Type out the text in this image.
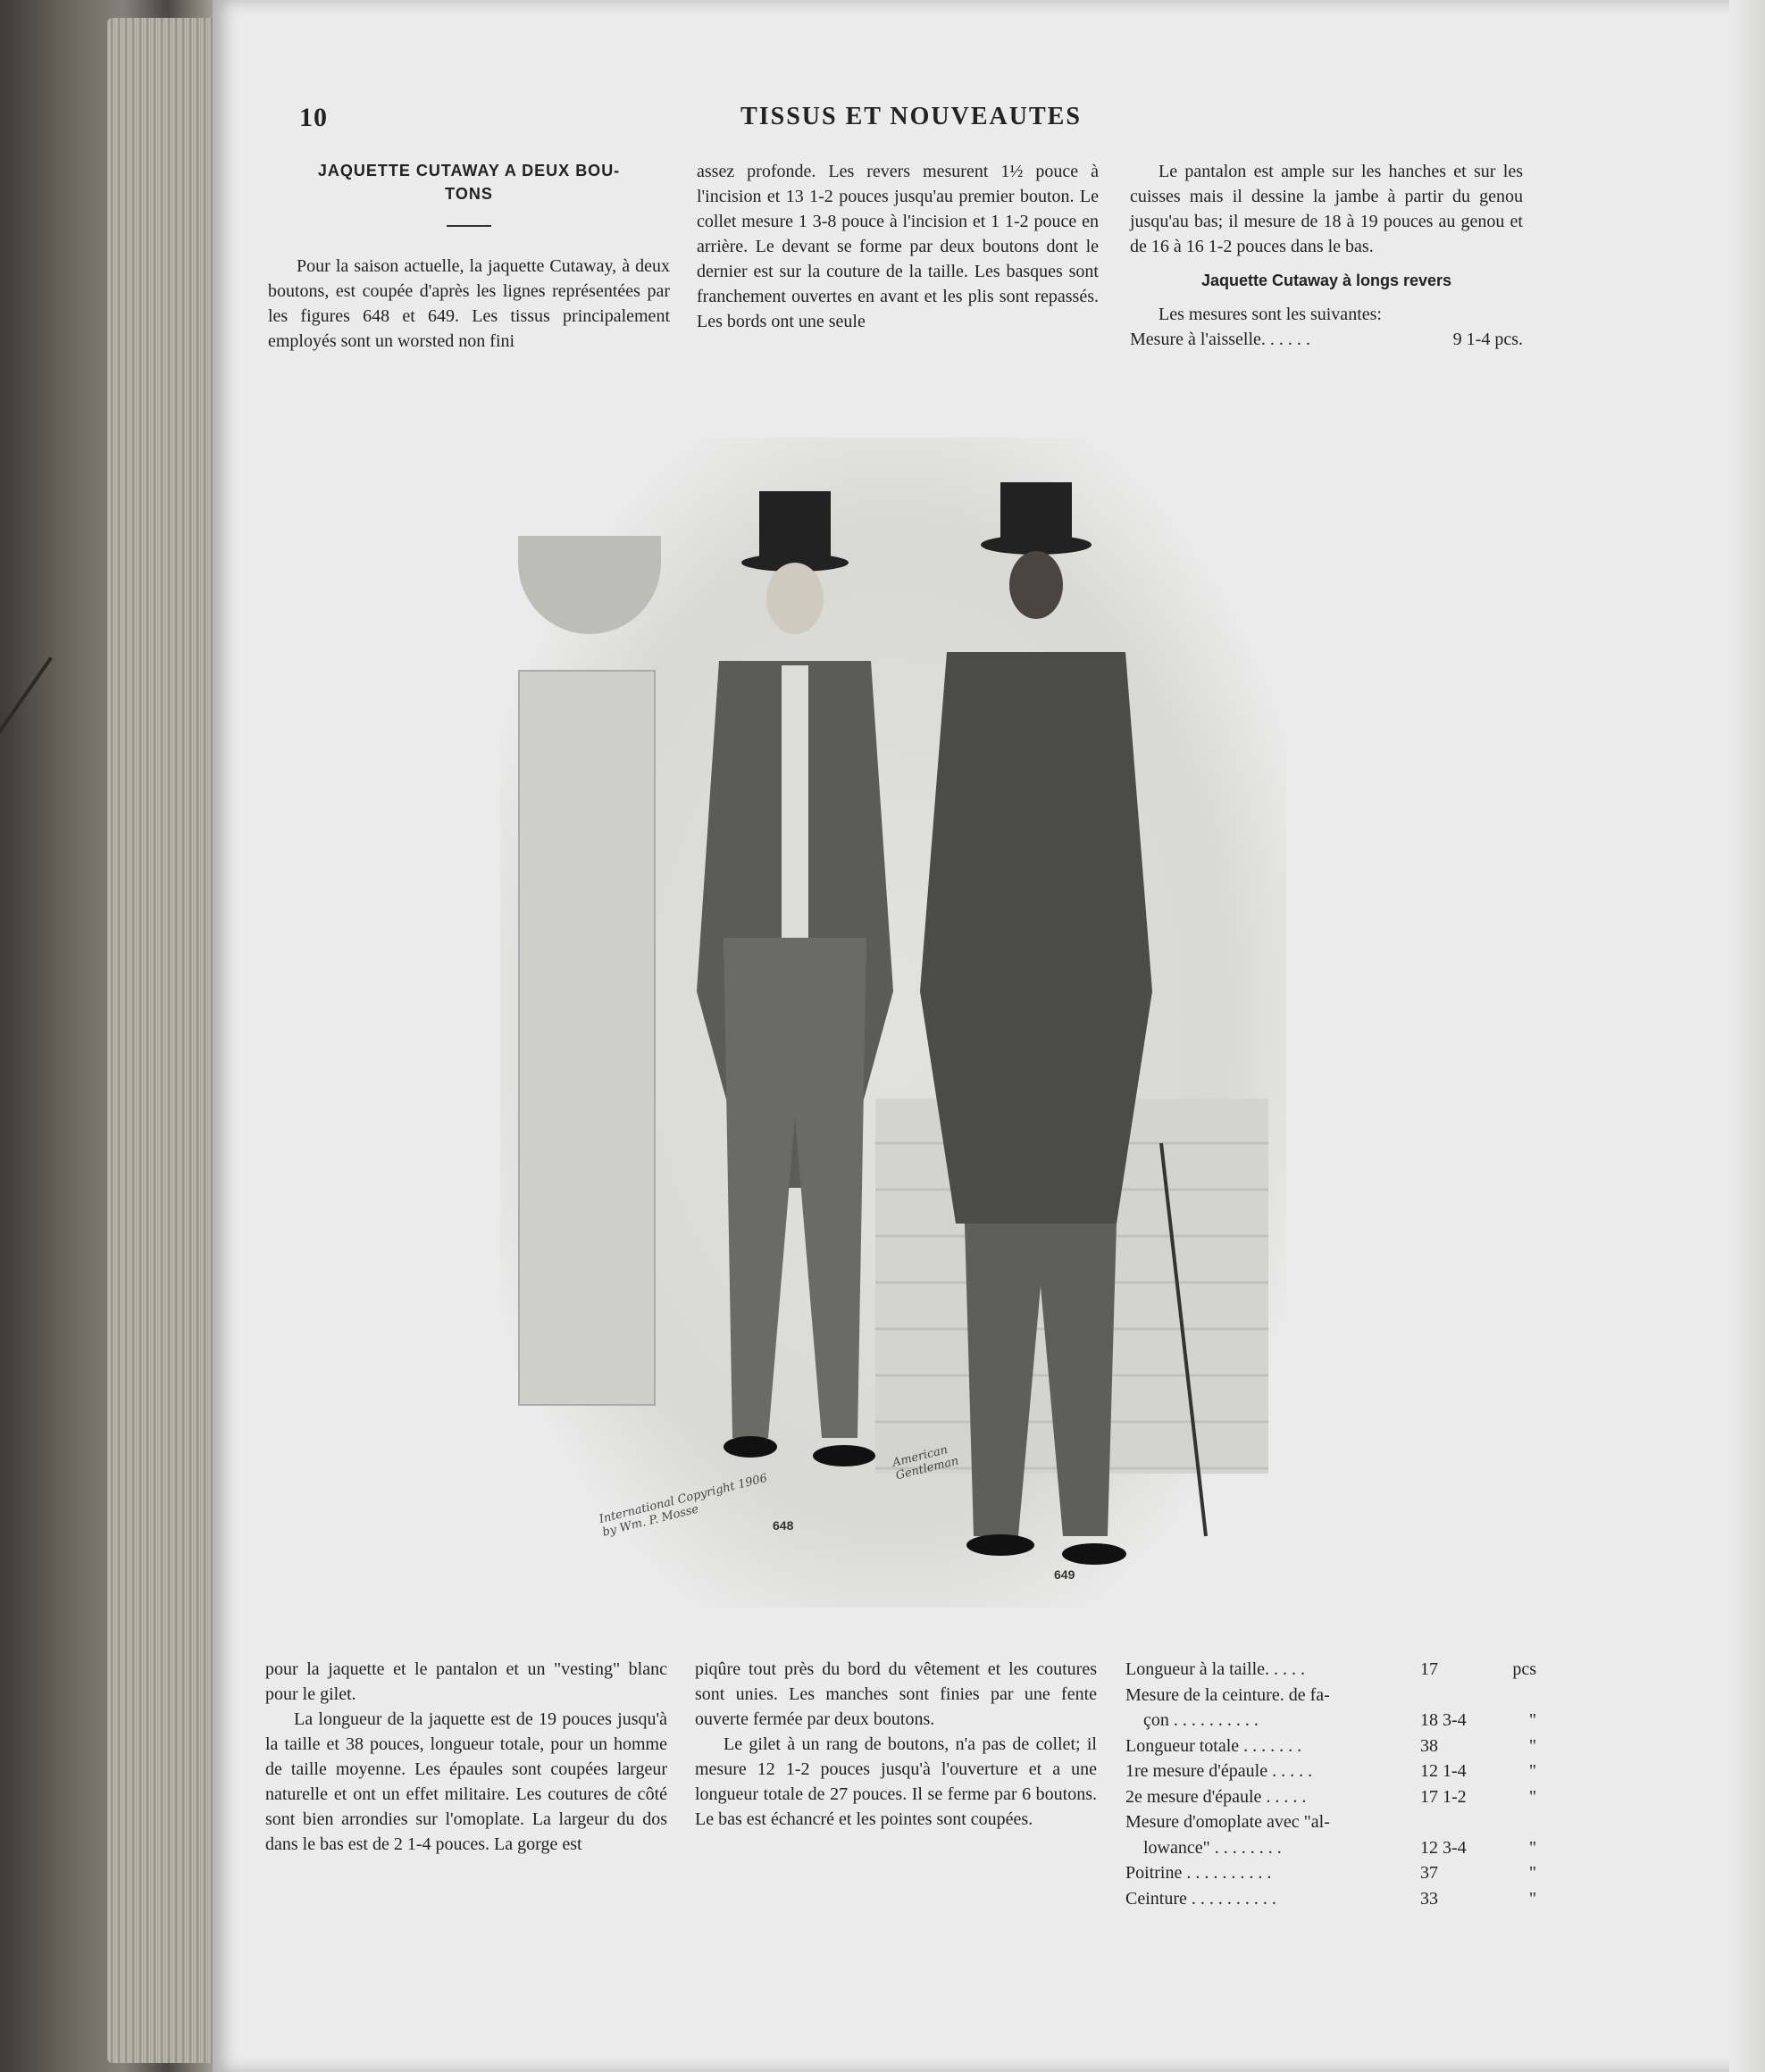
10	TISSUS ET NOUVEAUTES
JAQUETTE CUTAWAY A DEUX BOU-
TONS

Pour la saison actuelle, la jaquette Cutaway, à deux boutons, est coupée d'après les lignes représentées par les figures 648 et 649. Les tissus principalement employés sont un worsted non fini

assez profonde. Les revers mesurent 1½ pouce à l'incision et 13 1-2 pouces jusqu'au premier bouton. Le collet mesure 1 3-8 pouce à l'incision et 1 1-2 pouce en arrière. Le devant se forme par deux boutons dont le dernier est sur la couture de la taille. Les basques sont franchement ouvertes en avant et les plis sont repassés. Les bords ont une seule

Le pantalon est ample sur les hanches et sur les cuisses mais il dessine la jambe à partir du genou jusqu'au bas; il mesure de 18 à 19 pouces au genou et de 16 à 16 1-2 pouces dans le bas.

Jaquette Cutaway à longs revers

Les mesures sont les suivantes:

Mesure à l'aisselle. . . . . .	9 1-4 pcs.
648
649
International Copyright 1906 by Wm. P. Mosse
American Gentleman

pour la jaquette et le pantalon et un "vesting" blanc pour le gilet.

La longueur de la jaquette est de 19 pouces jusqu'à la taille et 38 pouces, longueur totale, pour un homme de taille moyenne. Les épaules sont coupées largeur naturelle et ont un effet militaire. Les coutures de côté sont bien arrondies sur l'omoplate. La largeur du dos dans le bas est de 2 1-4 pouces. La gorge est

piqûre tout près du bord du vêtement et les coutures sont unies. Les manches sont finies par une fente ouverte fermée par deux boutons.

Le gilet à un rang de boutons, n'a pas de collet; il mesure 12 1-2 pouces jusqu'à l'ouverture et a une longueur totale de 27 pouces. Il se ferme par 6 boutons. Le bas est échancré et les pointes sont coupées.

Longueur à la taille. . . . .	17	pcs
Mesure de la ceinture. de fa-
çon . . . . . . . . . .	18 3-4	"
Longueur totale . . . . . . .	38	"
1re mesure d'épaule . . . . .	12 1-4	"
2e mesure d'épaule . . . . .	17 1-2	"
Mesure d'omoplate avec "al-
lowance" . . . . . . . .	12 3-4	"
Poitrine . . . . . . . . . .	37	"
Ceinture . . . . . . . . . .	33	"
